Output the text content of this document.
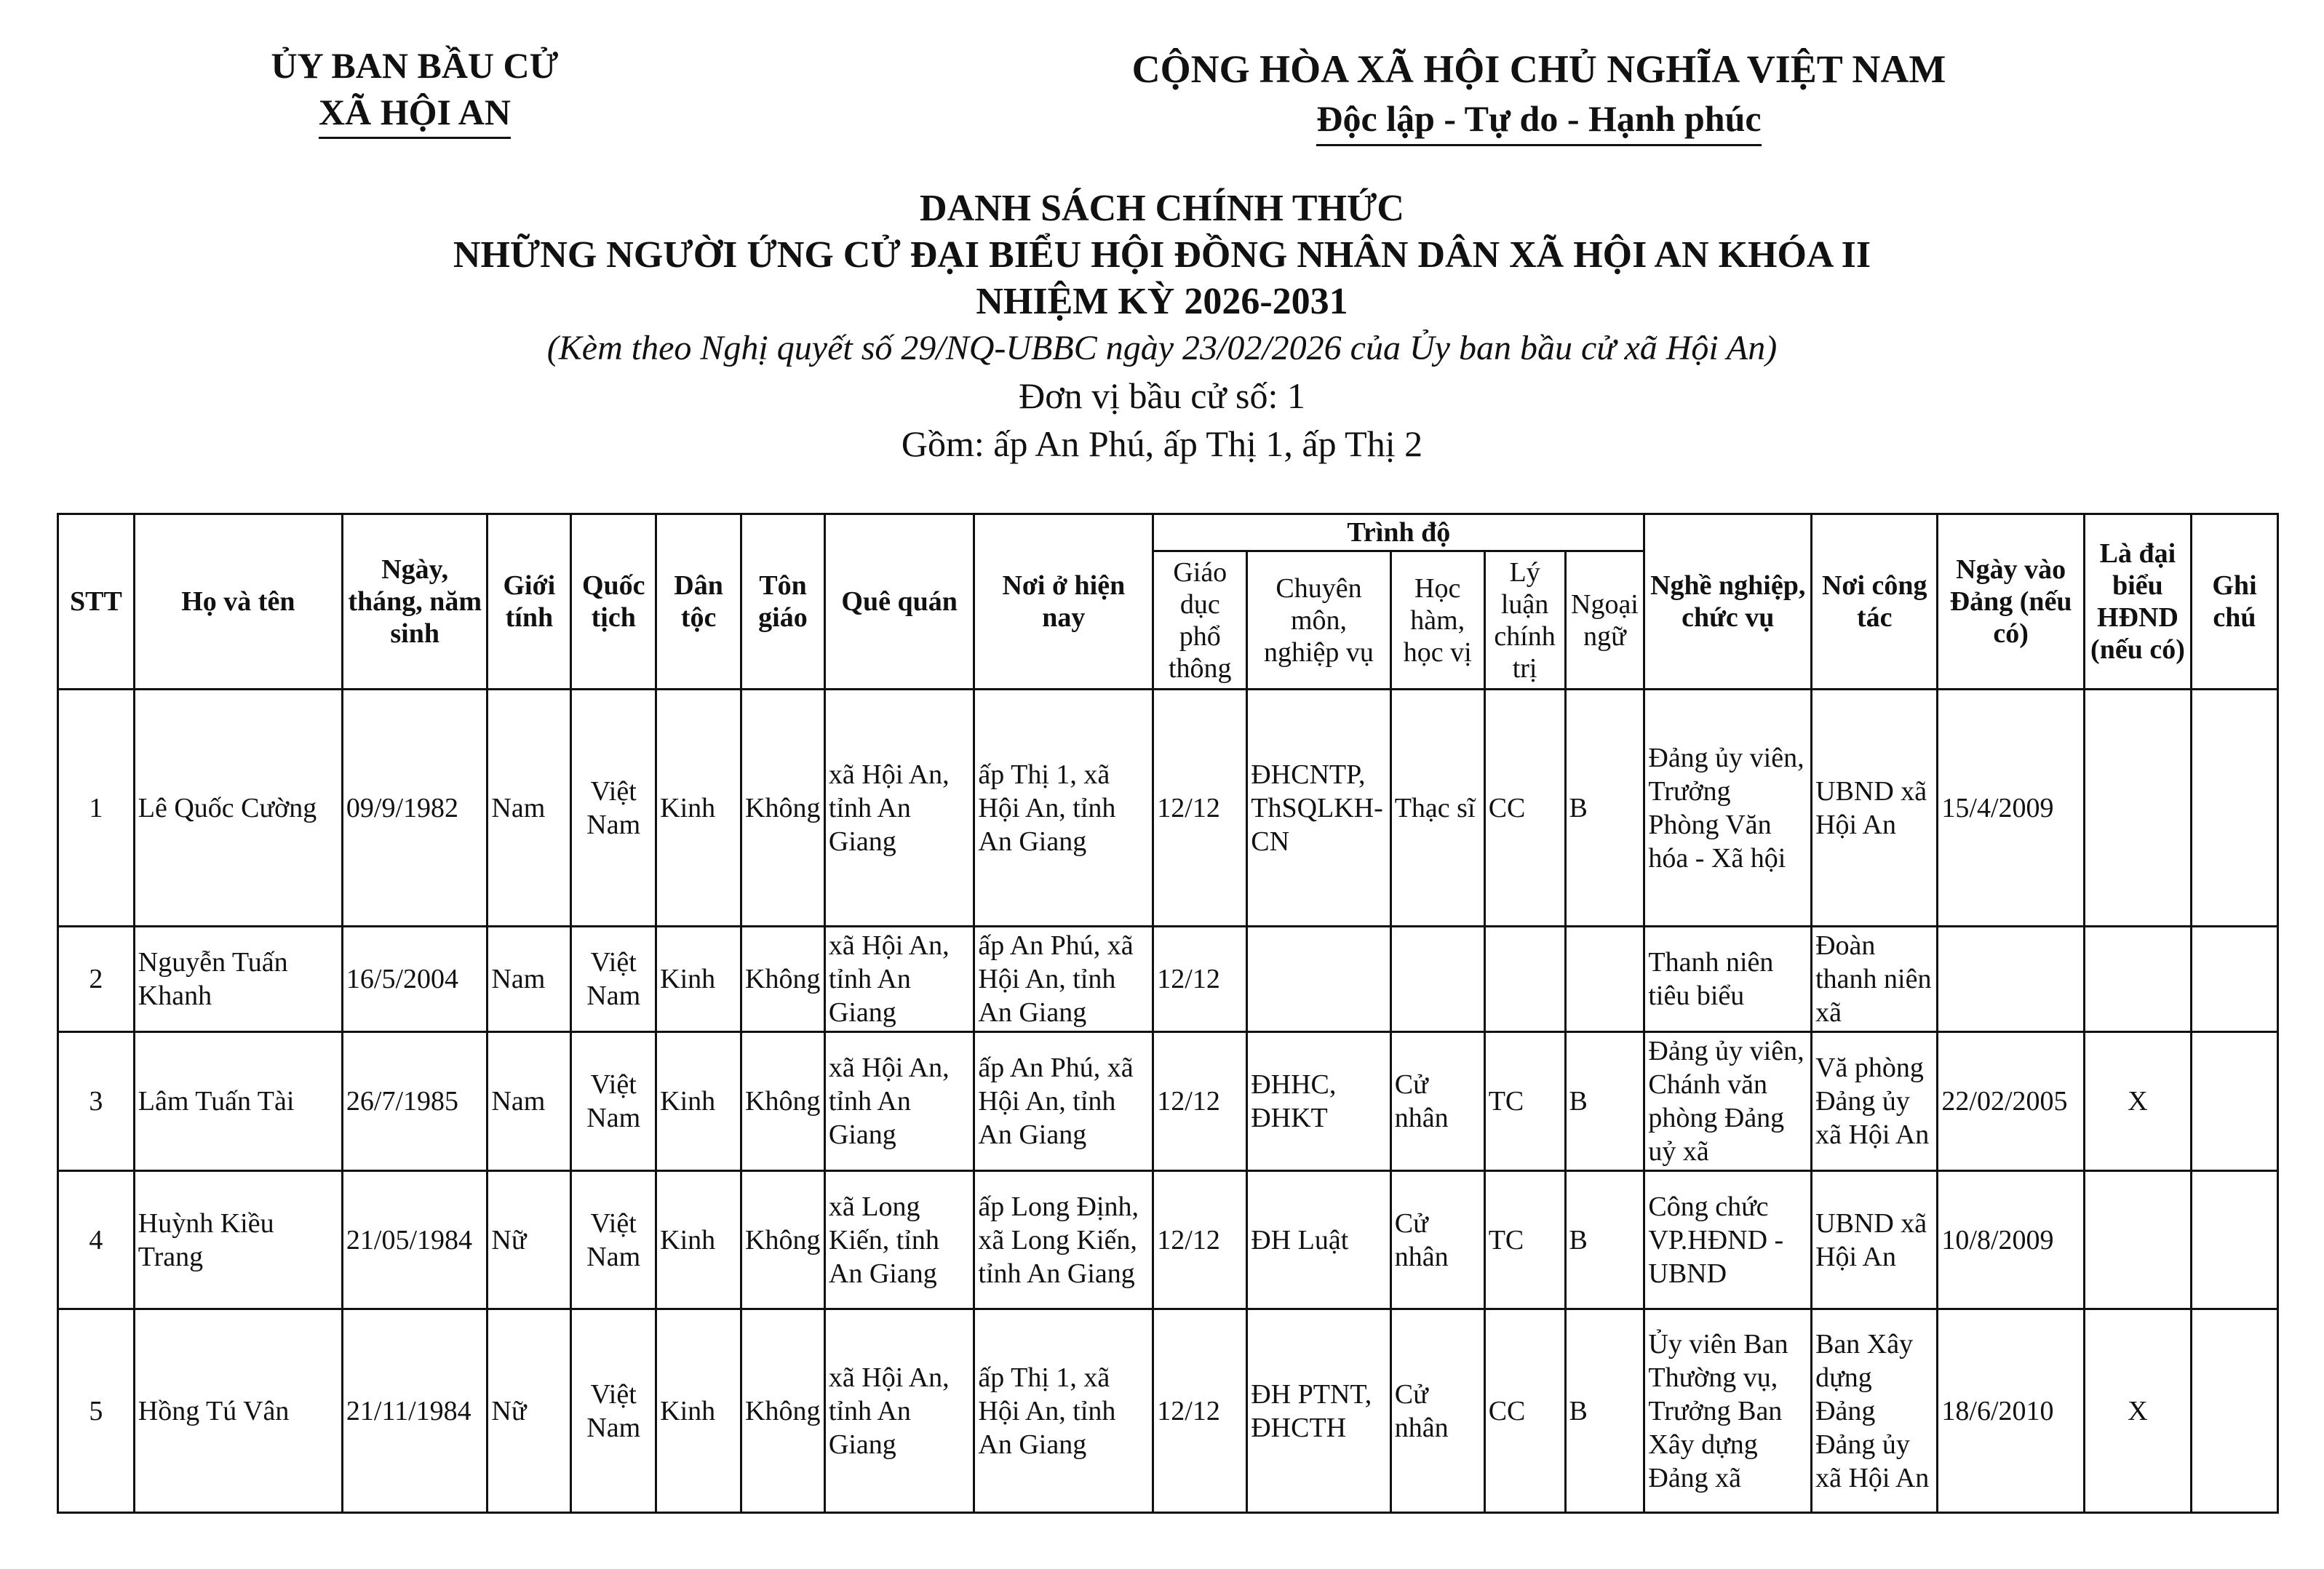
ỦY BAN BẦU CỬ
XÃ HỘI AN
CỘNG HÒA XÃ HỘI CHỦ NGHĨA VIỆT NAM
Độc lập - Tự do - Hạnh phúc
DANH SÁCH CHÍNH THỨC
NHỮNG NGƯỜI ỨNG CỬ ĐẠI BIỂU HỘI ĐỒNG NHÂN DÂN XÃ HỘI AN KHÓA II
NHIỆM KỲ 2026-2031
(Kèm theo Nghị quyết số 29/NQ-UBBC ngày 23/02/2026 của Ủy ban bầu cử xã Hội An)
Đơn vị bầu cử số: 1
Gồm: ấp An Phú, ấp Thị 1, ấp Thị 2
STT	Họ và tên	Ngày, tháng, năm sinh	Giới tính	Quốc tịch	Dân tộc	Tôn giáo	Quê quán	Nơi ở hiện nay	Trình độ					Nghề nghiệp, chức vụ	Nơi công tác	Ngày vào Đảng (nếu có)	Là đại biểu HĐND (nếu có)	Ghi chú
									Giáo dục phổ thông	Chuyên môn, nghiệp vụ	Học hàm, học vị	Lý luận chính trị	Ngoại ngữ					
1	Lê Quốc Cường	09/9/1982	Nam	Việt Nam	Kinh	Không	xã Hội An, tỉnh An Giang	ấp Thị 1, xã Hội An, tỉnh An Giang	12/12	ĐHCNTP, ThSQLKH-CN	Thạc sĩ	CC	B	Đảng ủy viên, Trưởng Phòng Văn hóa - Xã hội	UBND xã Hội An	15/4/2009		
2	Nguyễn Tuấn Khanh	16/5/2004	Nam	Việt Nam	Kinh	Không	xã Hội An, tỉnh An Giang	ấp An Phú, xã Hội An, tỉnh An Giang	12/12					Thanh niên tiêu biểu	Đoàn thanh niên xã			
3	Lâm Tuấn Tài	26/7/1985	Nam	Việt Nam	Kinh	Không	xã Hội An, tỉnh An Giang	ấp An Phú, xã Hội An, tỉnh An Giang	12/12	ĐHHC, ĐHKT	Cử nhân	TC	B	Đảng ủy viên, Chánh văn phòng Đảng uỷ xã	Vă phòng Đảng ủy xã Hội An	22/02/2005	X	
4	Huỳnh Kiều Trang	21/05/1984	Nữ	Việt Nam	Kinh	Không	xã Long Kiến, tỉnh An Giang	ấp Long Định, xã Long Kiến, tỉnh An Giang	12/12	ĐH Luật	Cử nhân	TC	B	Công chức VP.HĐND - UBND	UBND xã Hội An	10/8/2009		
5	Hồng Tú Vân	21/11/1984	Nữ	Việt Nam	Kinh	Không	xã Hội An, tỉnh An Giang	ấp Thị 1, xã Hội An, tỉnh An Giang	12/12	ĐH PTNT, ĐHCTH	Cử nhân	CC	B	Ủy viên Ban Thường vụ, Trưởng Ban Xây dựng Đảng xã	Ban Xây dựng Đảng Đảng ủy xã Hội An	18/6/2010	X	
